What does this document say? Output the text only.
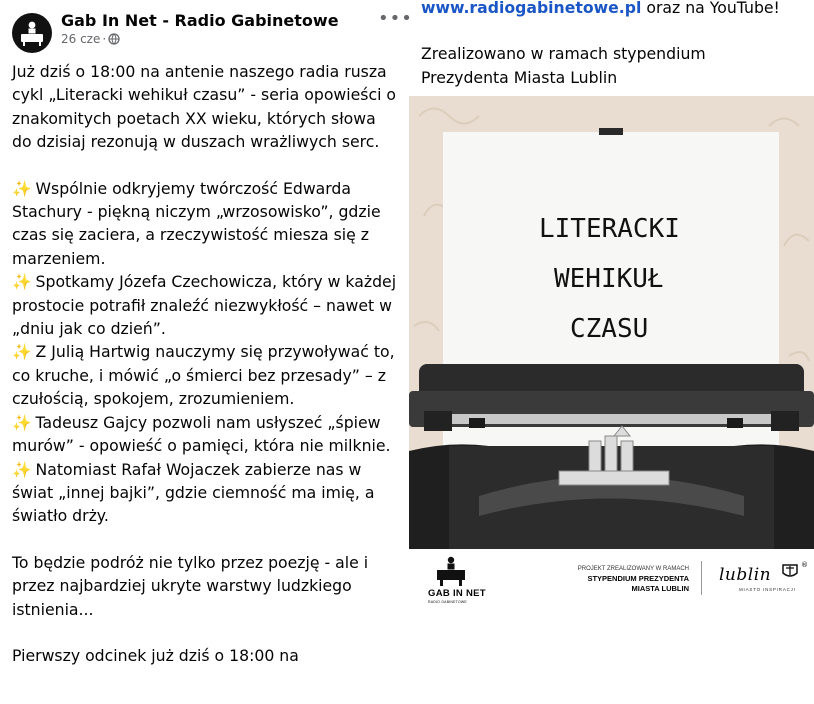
Gab In Net - Radio Gabinetowe
26 cze ·
•••

Już dziś o 18:00 na antenie naszego radia rusza cykl „Literacki wehikuł czasu” - seria opowieści o znakomitych poetach XX wieku, których słowa do dzisiaj rezonują w duszach wrażliwych serc.

✨ Wspólnie odkryjemy twórczość Edwarda Stachury - piękną niczym „wrzosowisko”, gdzie czas się zaciera, a rzeczywistość miesza się z marzeniem.

✨ Spotkamy Józefa Czechowicza, który w każdej prostocie potrafił znaleźć niezwykłość – nawet w „dniu jak co dzień”.

✨ Z Julią Hartwig nauczymy się przywoływać to, co kruche, i mówić „o śmierci bez przesady” – z czułością, spokojem, zrozumieniem.

✨ Tadeusz Gajcy pozwoli nam usłyszeć „śpiew murów” - opowieść o pamięci, która nie milknie.

✨ Natomiast Rafał Wojaczek zabierze nas w świat „innej bajki”, gdzie ciemność ma imię, a światło drży.

To będzie podróż nie tylko przez poezję - ale i przez najbardziej ukryte warstwy ludzkiego istnienia...

Pierwszy odcinek już dziś o 18:00 na

www.radiogabinetowe.pl oraz na YouTube!
Zrealizowano w ramach stypendium
Prezydenta Miasta Lublin
LITERACKI
WEHIKUŁ
CZASU
GAB IN NET
RADIO GABINETOWE
PROJEKT ZREALIZOWANY W RAMACH
STYPENDIUM PREZYDENTA
MIASTA LUBLIN
lublin	®
MIASTO INSPIRACJI
